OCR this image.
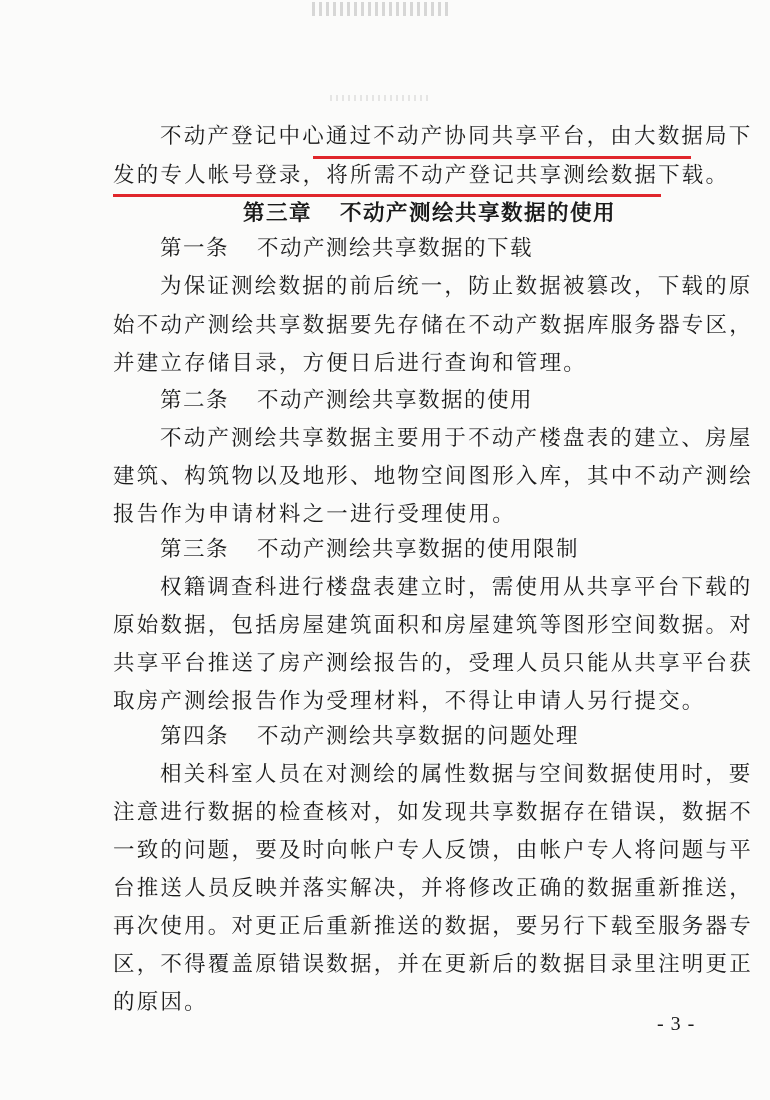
不动产登记中心通过不动产协同共享平台，由大数据局下
发的专人帐号登录，将所需不动产登记共享测绘数据下载。
第三章 不动产测绘共享数据的使用
第一条 不动产测绘共享数据的下载
为保证测绘数据的前后统一，防止数据被篡改，下载的原
始不动产测绘共享数据要先存储在不动产数据库服务器专区，
并建立存储目录，方便日后进行查询和管理。
第二条 不动产测绘共享数据的使用
不动产测绘共享数据主要用于不动产楼盘表的建立、房屋
建筑、构筑物以及地形、地物空间图形入库，其中不动产测绘
报告作为申请材料之一进行受理使用。
第三条 不动产测绘共享数据的使用限制
权籍调查科进行楼盘表建立时，需使用从共享平台下载的
原始数据，包括房屋建筑面积和房屋建筑等图形空间数据。对
共享平台推送了房产测绘报告的，受理人员只能从共享平台获
取房产测绘报告作为受理材料，不得让申请人另行提交。
第四条 不动产测绘共享数据的问题处理
相关科室人员在对测绘的属性数据与空间数据使用时，要
注意进行数据的检查核对，如发现共享数据存在错误，数据不
一致的问题，要及时向帐户专人反馈，由帐户专人将问题与平
台推送人员反映并落实解决，并将修改正确的数据重新推送，
再次使用。对更正后重新推送的数据，要另行下载至服务器专
区，不得覆盖原错误数据，并在更新后的数据目录里注明更正
的原因。
- 3 -
